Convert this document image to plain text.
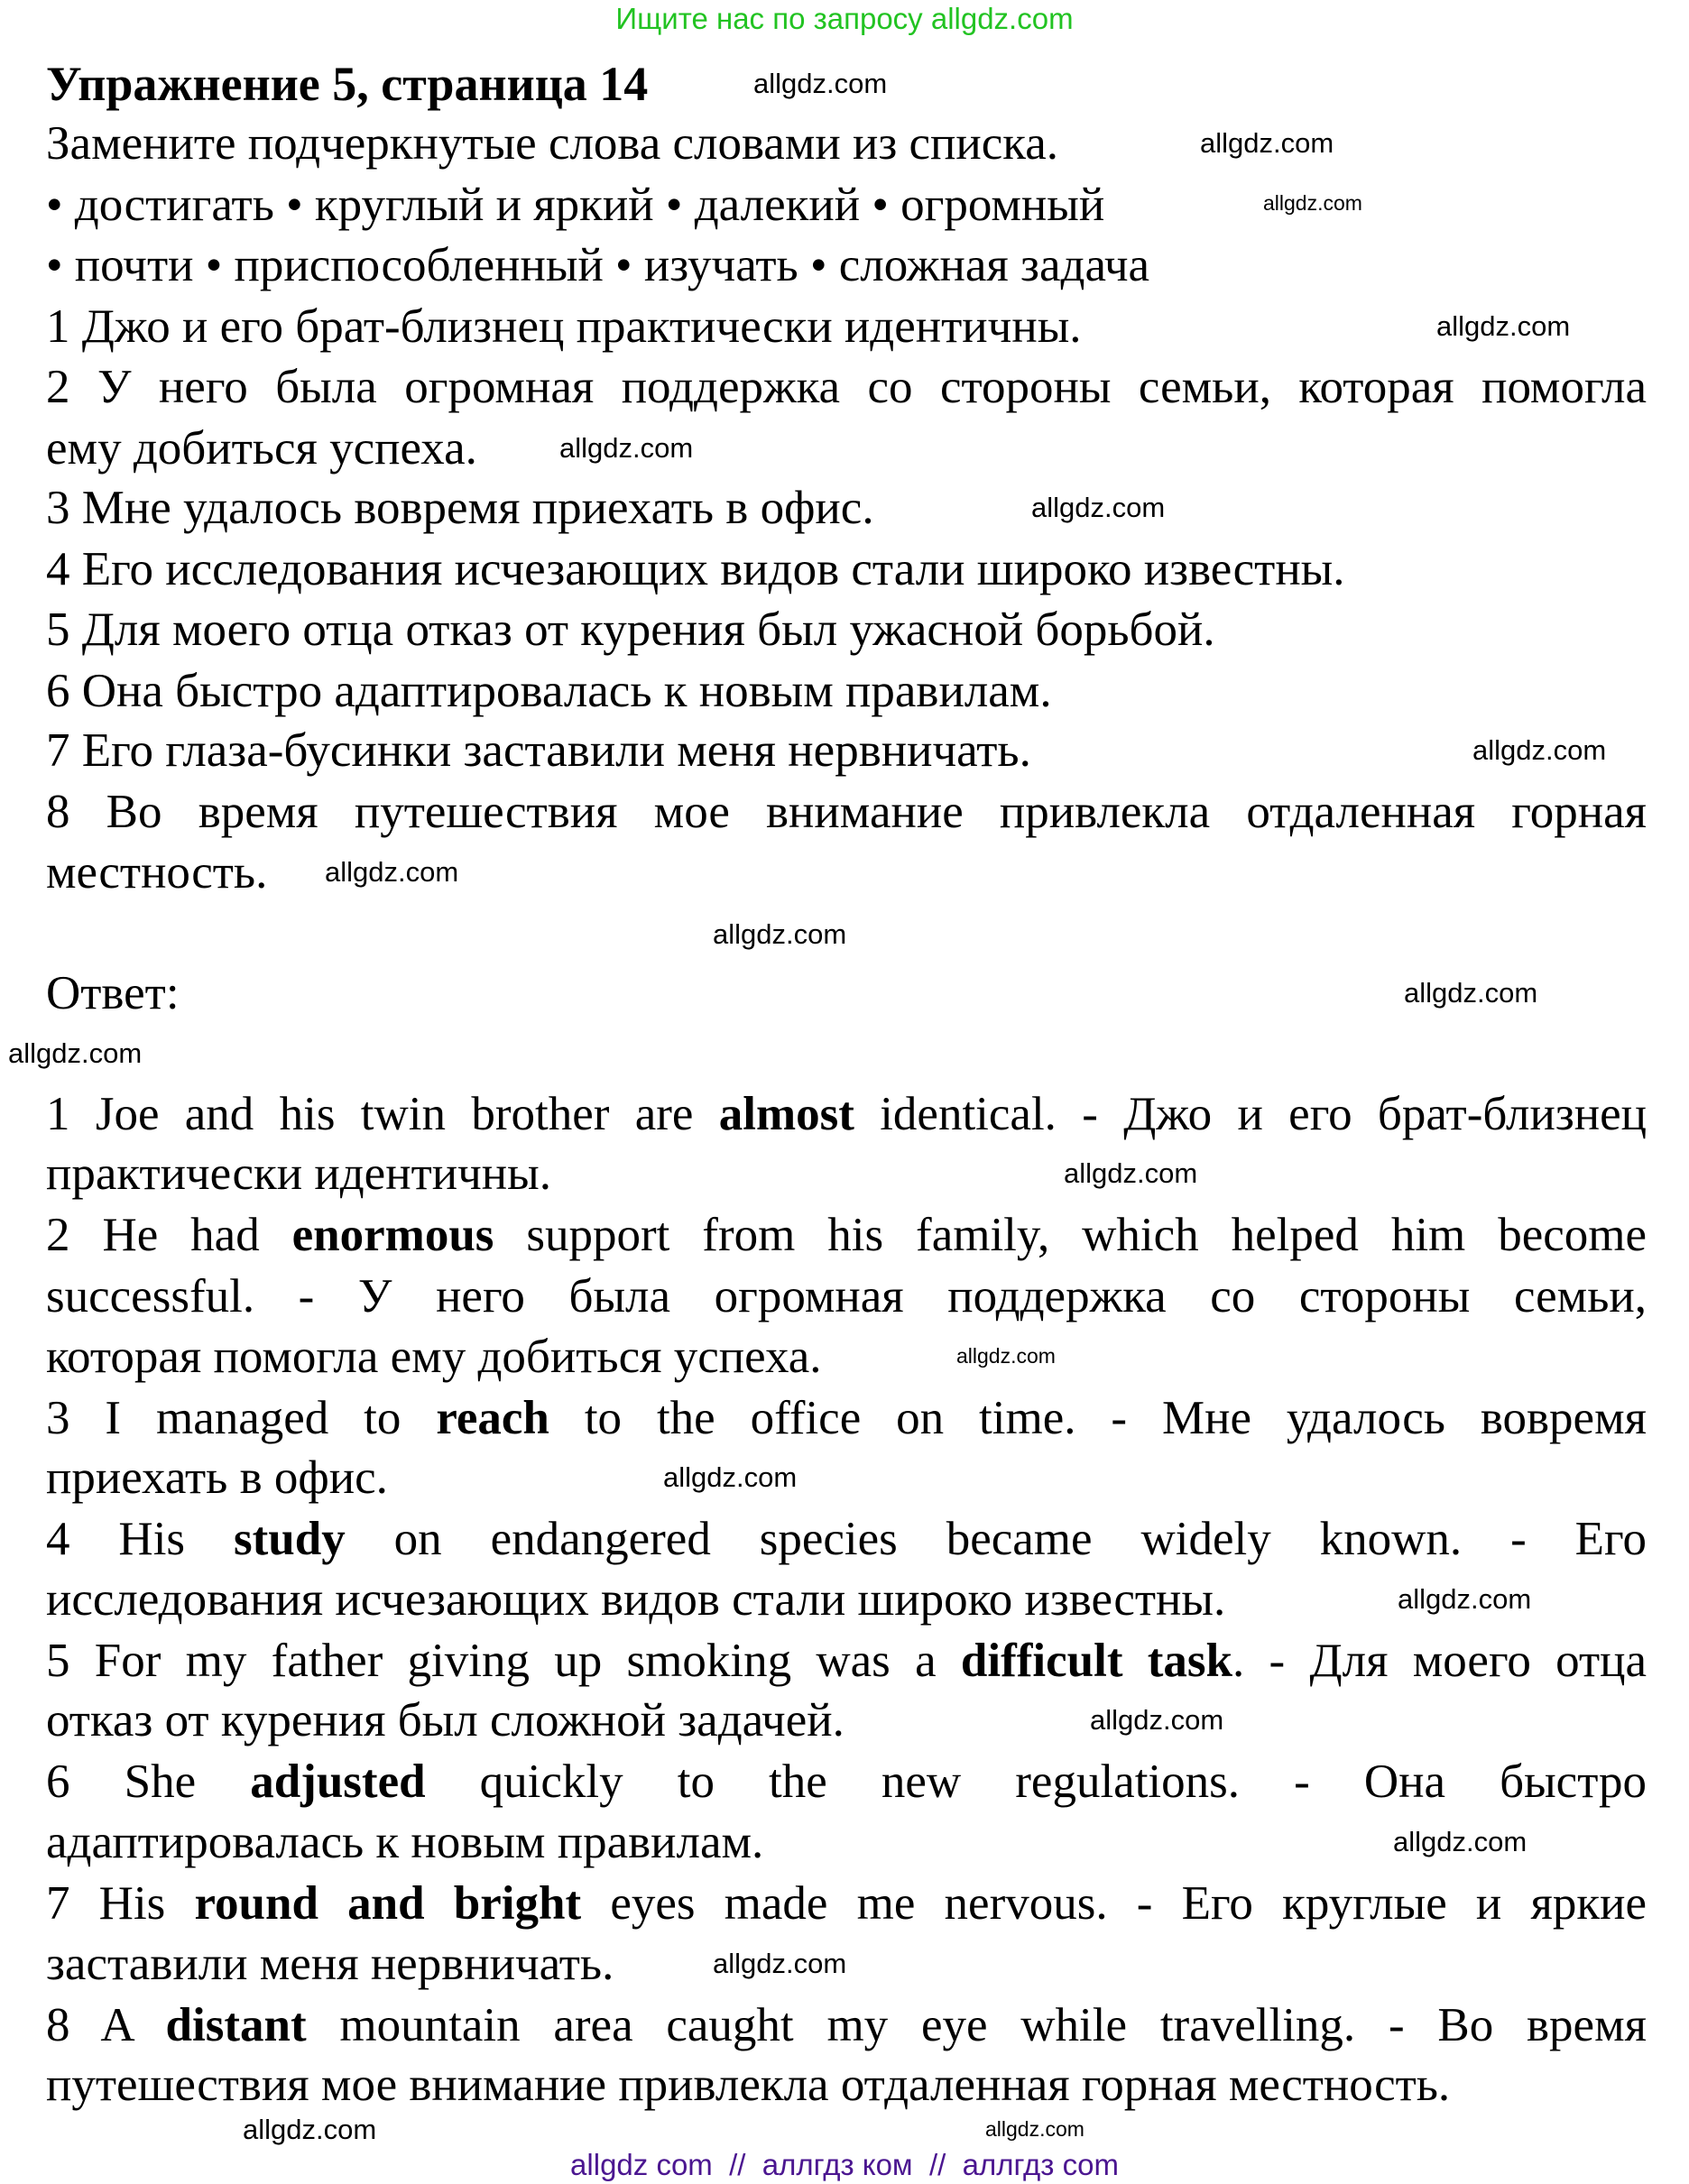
Ищите нас по запросу allgdz.com
Упражнение 5, страница 14
Замените подчеркнутые слова словами из списка.
• достигать • круглый и яркий • далекий • огромный
• почти • приспособленный • изучать • сложная задача
1 Джо и его брат-близнец практически идентичны.
2 У него была огромная поддержка со стороны семьи, которая помогла
ему добиться успеха.
3 Мне удалось вовремя приехать в офис.
4 Его исследования исчезающих видов стали широко известны.
5 Для моего отца отказ от курения был ужасной борьбой.
6 Она быстро адаптировалась к новым правилам.
7 Его глаза-бусинки заставили меня нервничать.
8 Во время путешествия мое внимание привлекла отдаленная горная
местность.
Ответ:
1 Joe and his twin brother are almost identical. - Джо и его брат-близнец
практически идентичны.
2 He had enormous support from his family, which helped him become
successful. - У него была огромная поддержка со стороны семьи,
которая помогла ему добиться успеха.
3 I managed to reach to the office on time. - Мне удалось вовремя
приехать в офис.
4 His study on endangered species became widely known. - Его
исследования исчезающих видов стали широко известны.
5 For my father giving up smoking was a difficult task. - Для моего отца
отказ от курения был сложной задачей.
6 She adjusted quickly to the new regulations. - Она быстро
адаптировалась к новым правилам.
7 His round and bright eyes made me nervous. - Его круглые и яркие
заставили меня нервничать.
8 A distant mountain area caught my eye while travelling. - Во время
путешествия мое внимание привлекла отдаленная горная местность.
allgdz com  //  аллгдз ком  //  аллгдз com
allgdz.com
allgdz.com
allgdz.com
allgdz.com
allgdz.com
allgdz.com
allgdz.com
allgdz.com
allgdz.com
allgdz.com
allgdz.com
allgdz.com
allgdz.com
allgdz.com
allgdz.com
allgdz.com
allgdz.com
allgdz.com
allgdz.com
allgdz.com
